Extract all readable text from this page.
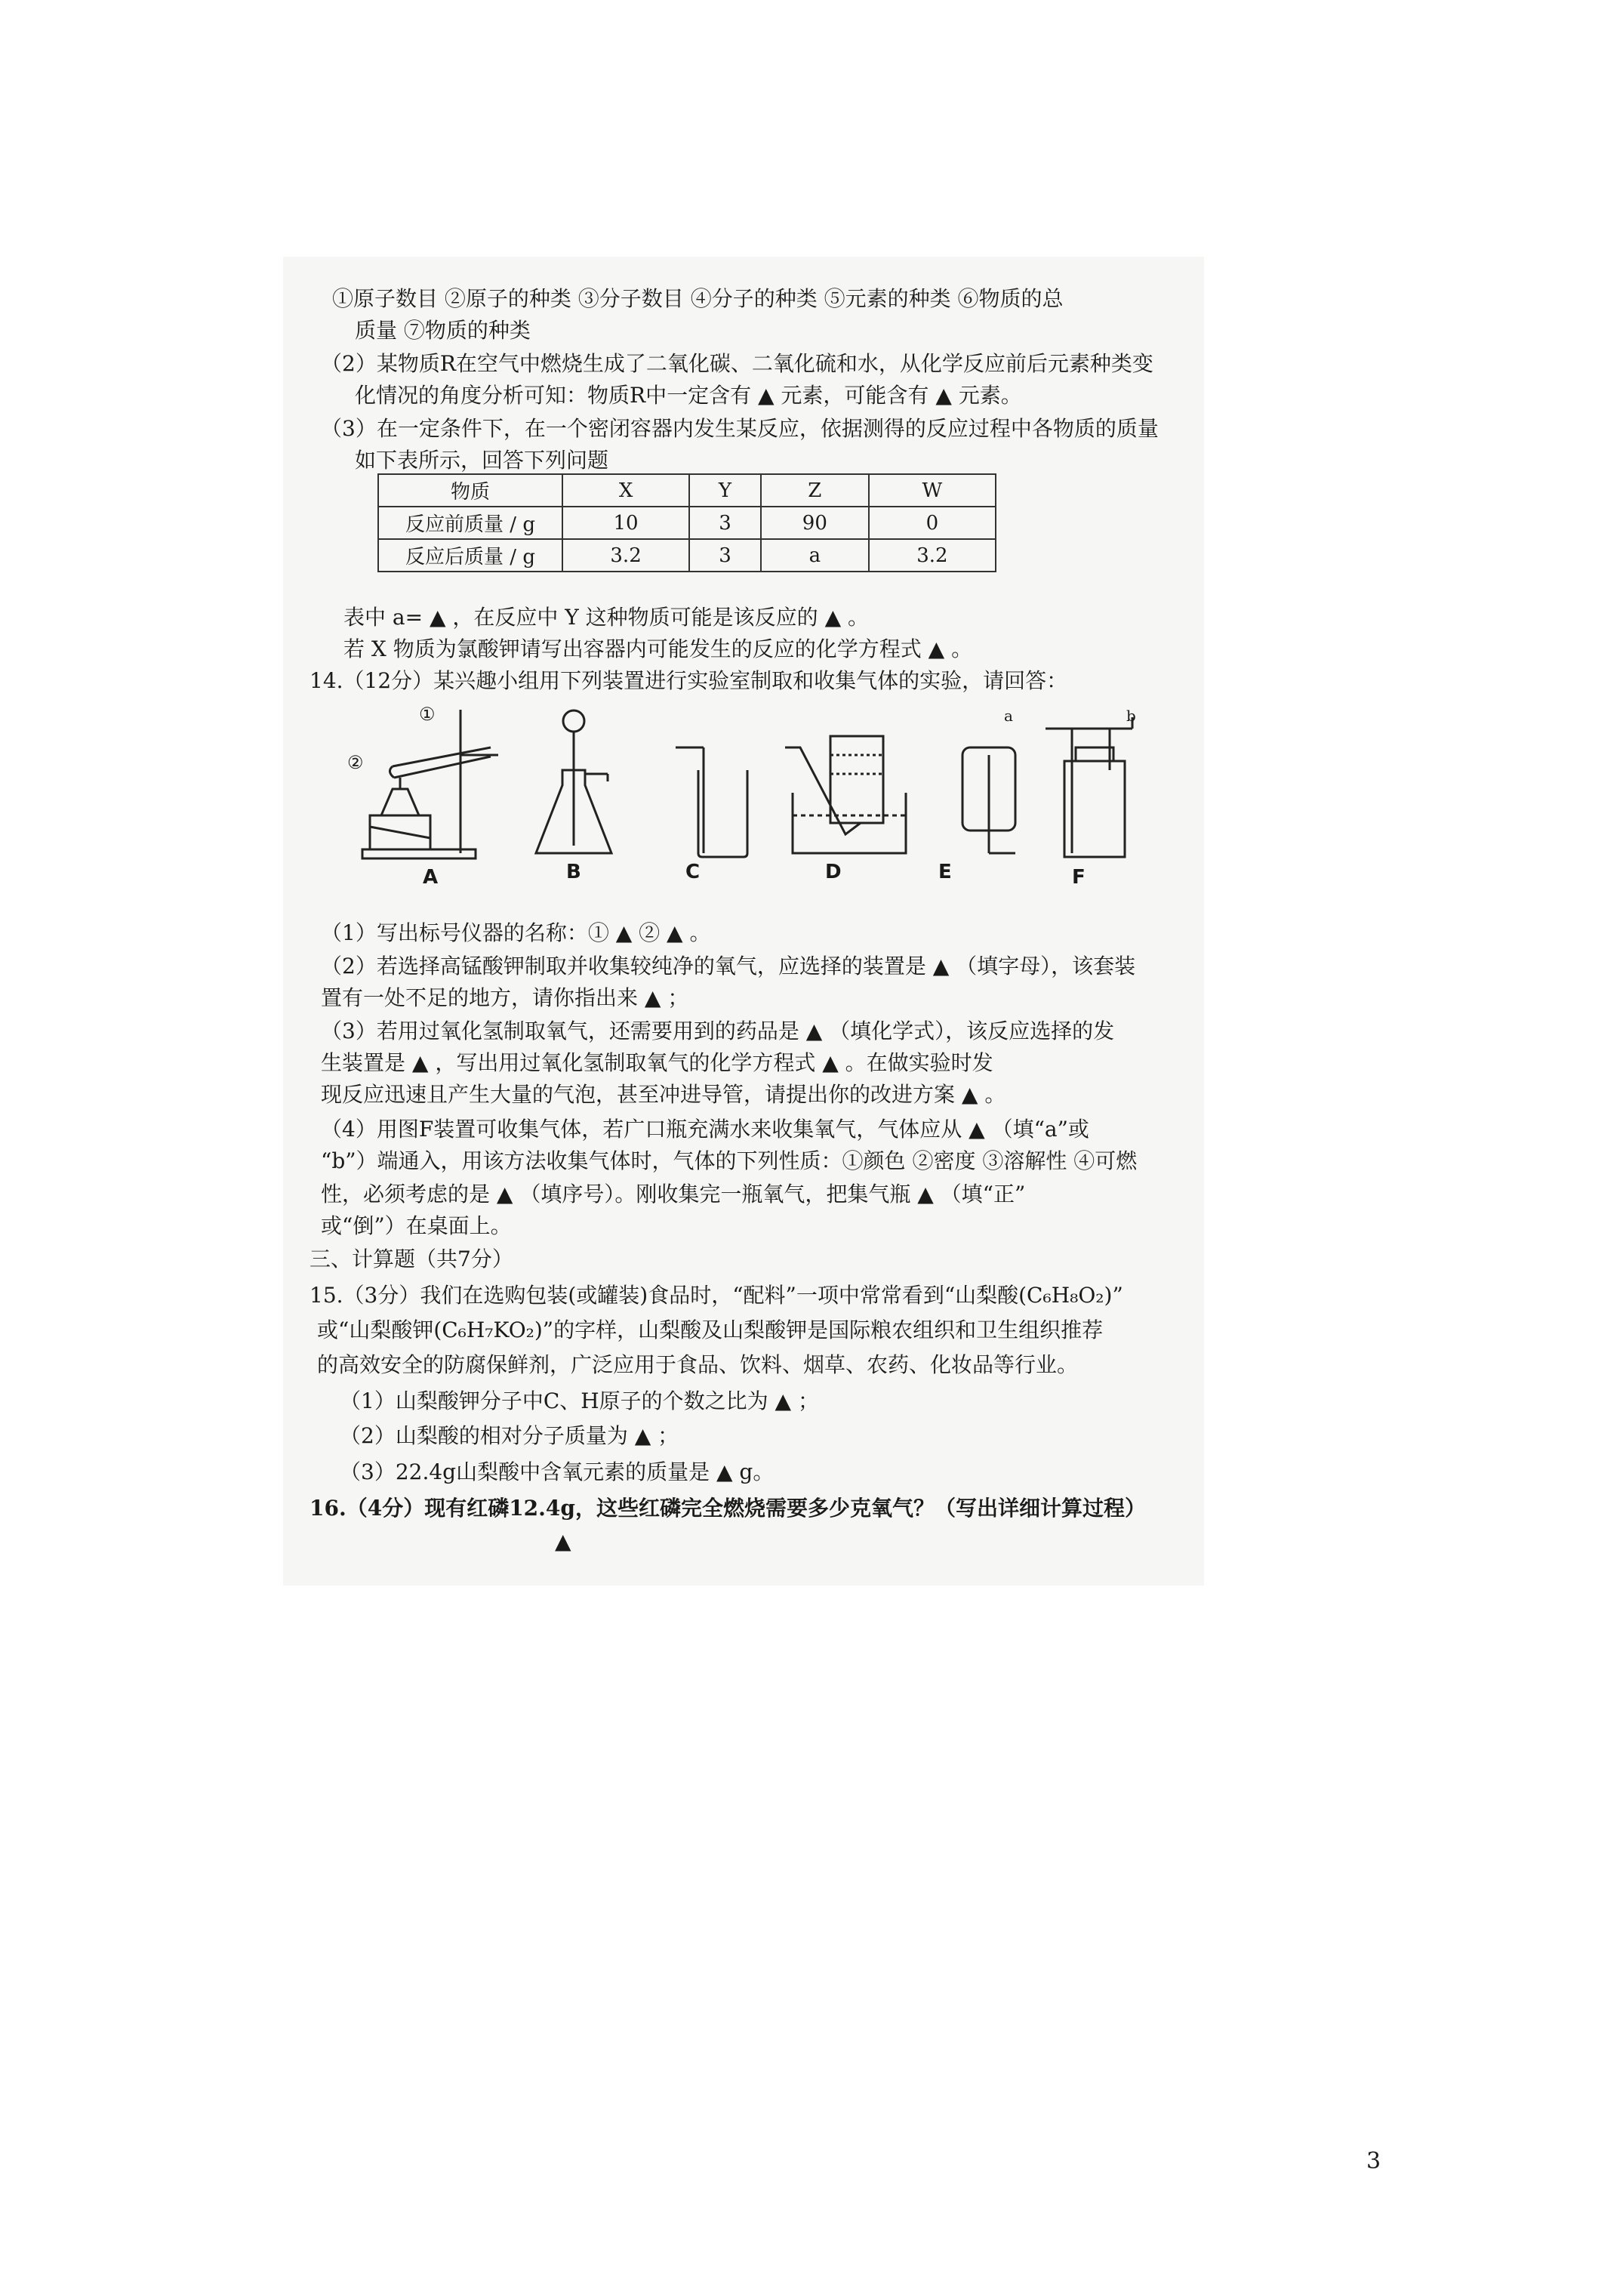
①原子数目 ②原子的种类 ③分子数目 ④分子的种类 ⑤元素的种类 ⑥物质的总
质量 ⑦物质的种类
（2）某物质R在空气中燃烧生成了二氧化碳、二氧化硫和水，从化学反应前后元素种类变
化情况的角度分析可知：物质R中一定含有 ▲ 元素，可能含有 ▲ 元素。
（3）在一定条件下，在一个密闭容器内发生某反应，依据测得的反应过程中各物质的质量
如下表所示，回答下列问题
物质	X	Y	Z	W
反应前质量 / g	10	3	90	0
反应后质量 / g	3.2	3	a	3.2
表中 a= ▲ ，在反应中 Y 这种物质可能是该反应的 ▲ 。
若 X 物质为氯酸钾请写出容器内可能发生的反应的化学方程式 ▲ 。
14.（12分）某兴趣小组用下列装置进行实验室制取和收集气体的实验，请回答：
A	B	C	D	E	F
①
②
a	b
（1）写出标号仪器的名称：① ▲ ② ▲ 。
（2）若选择高锰酸钾制取并收集较纯净的氧气，应选择的装置是 ▲ （填字母），该套装
置有一处不足的地方，请你指出来 ▲ ；
（3）若用过氧化氢制取氧气，还需要用到的药品是 ▲ （填化学式），该反应选择的发
生装置是 ▲ ，写出用过氧化氢制取氧气的化学方程式 ▲ 。在做实验时发
现反应迅速且产生大量的气泡，甚至冲进导管，请提出你的改进方案 ▲ 。
（4）用图F装置可收集气体，若广口瓶充满水来收集氧气，气体应从 ▲ （填“a”或
“b”）端通入，用该方法收集气体时，气体的下列性质：①颜色 ②密度 ③溶解性 ④可燃
性，必须考虑的是 ▲ （填序号）。刚收集完一瓶氧气，把集气瓶 ▲ （填“正”
或“倒”）在桌面上。
三、计算题（共7分）
15.（3分）我们在选购包装(或罐装)食品时，“配料”一项中常常看到“山梨酸(C₆H₈O₂)”
或“山梨酸钾(C₆H₇KO₂)”的字样，山梨酸及山梨酸钾是国际粮农组织和卫生组织推荐
的高效安全的防腐保鲜剂，广泛应用于食品、饮料、烟草、农药、化妆品等行业。
（1）山梨酸钾分子中C、H原子的个数之比为 ▲ ；
（2）山梨酸的相对分子质量为 ▲ ；
（3）22.4g山梨酸中含氧元素的质量是 ▲ g。
16.（4分）现有红磷12.4g，这些红磷完全燃烧需要多少克氧气？（写出详细计算过程）
▲
3
